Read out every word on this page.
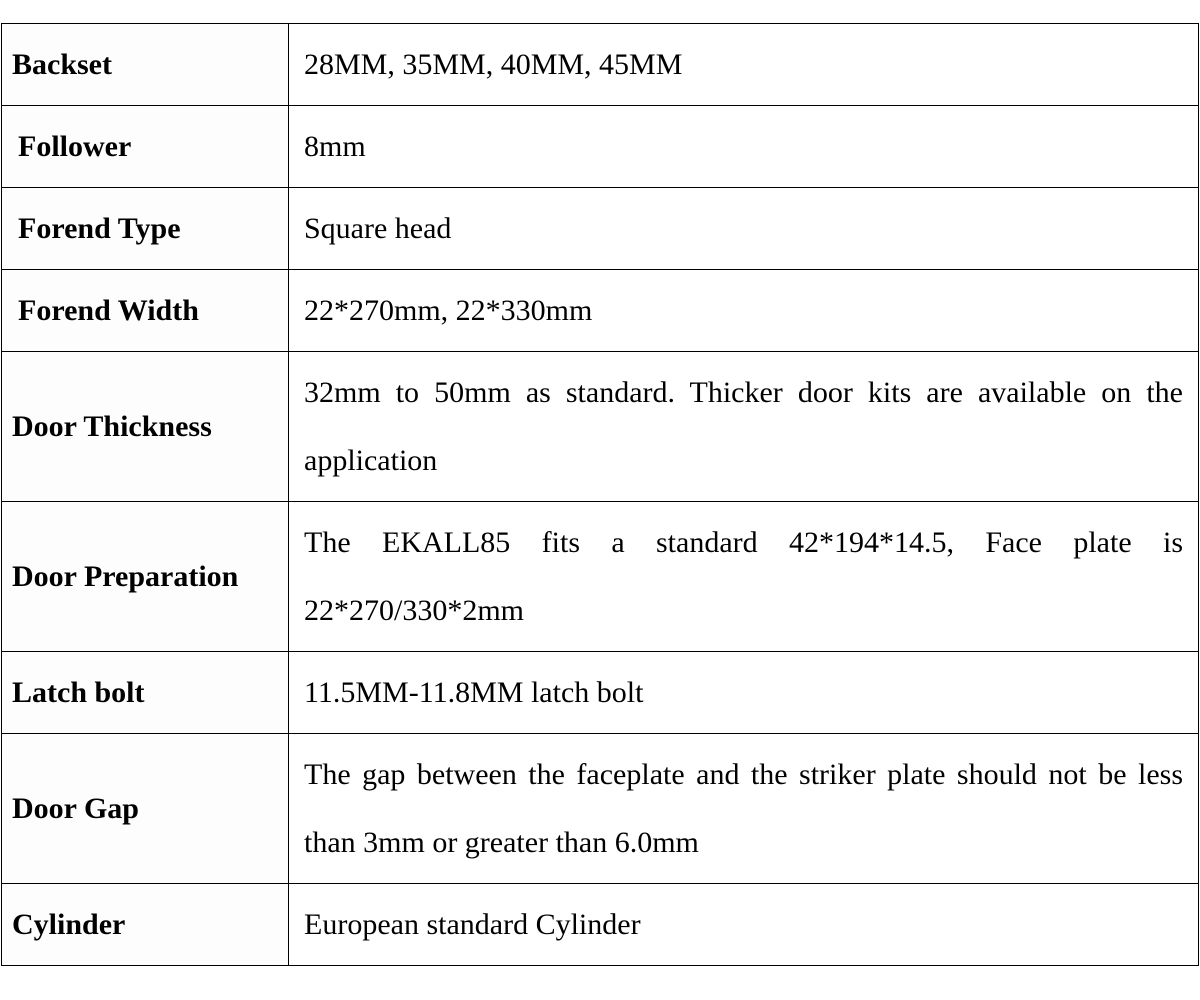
Backset	28MM, 35MM, 40MM, 45MM
Follower	8mm
Forend Type	Square head
Forend Width	22*270mm, 22*330mm
Door Thickness	32mm to 50mm as standard. Thicker door kits are available on the application
Door Preparation	The EKALL85 fits a standard 42*194*14.5, Face plate is 22*270/330*2mm
Latch bolt	11.5MM-11.8MM latch bolt
Door Gap	The gap between the faceplate and the striker plate should not be less than 3mm or greater than 6.0mm
Cylinder	European standard Cylinder
